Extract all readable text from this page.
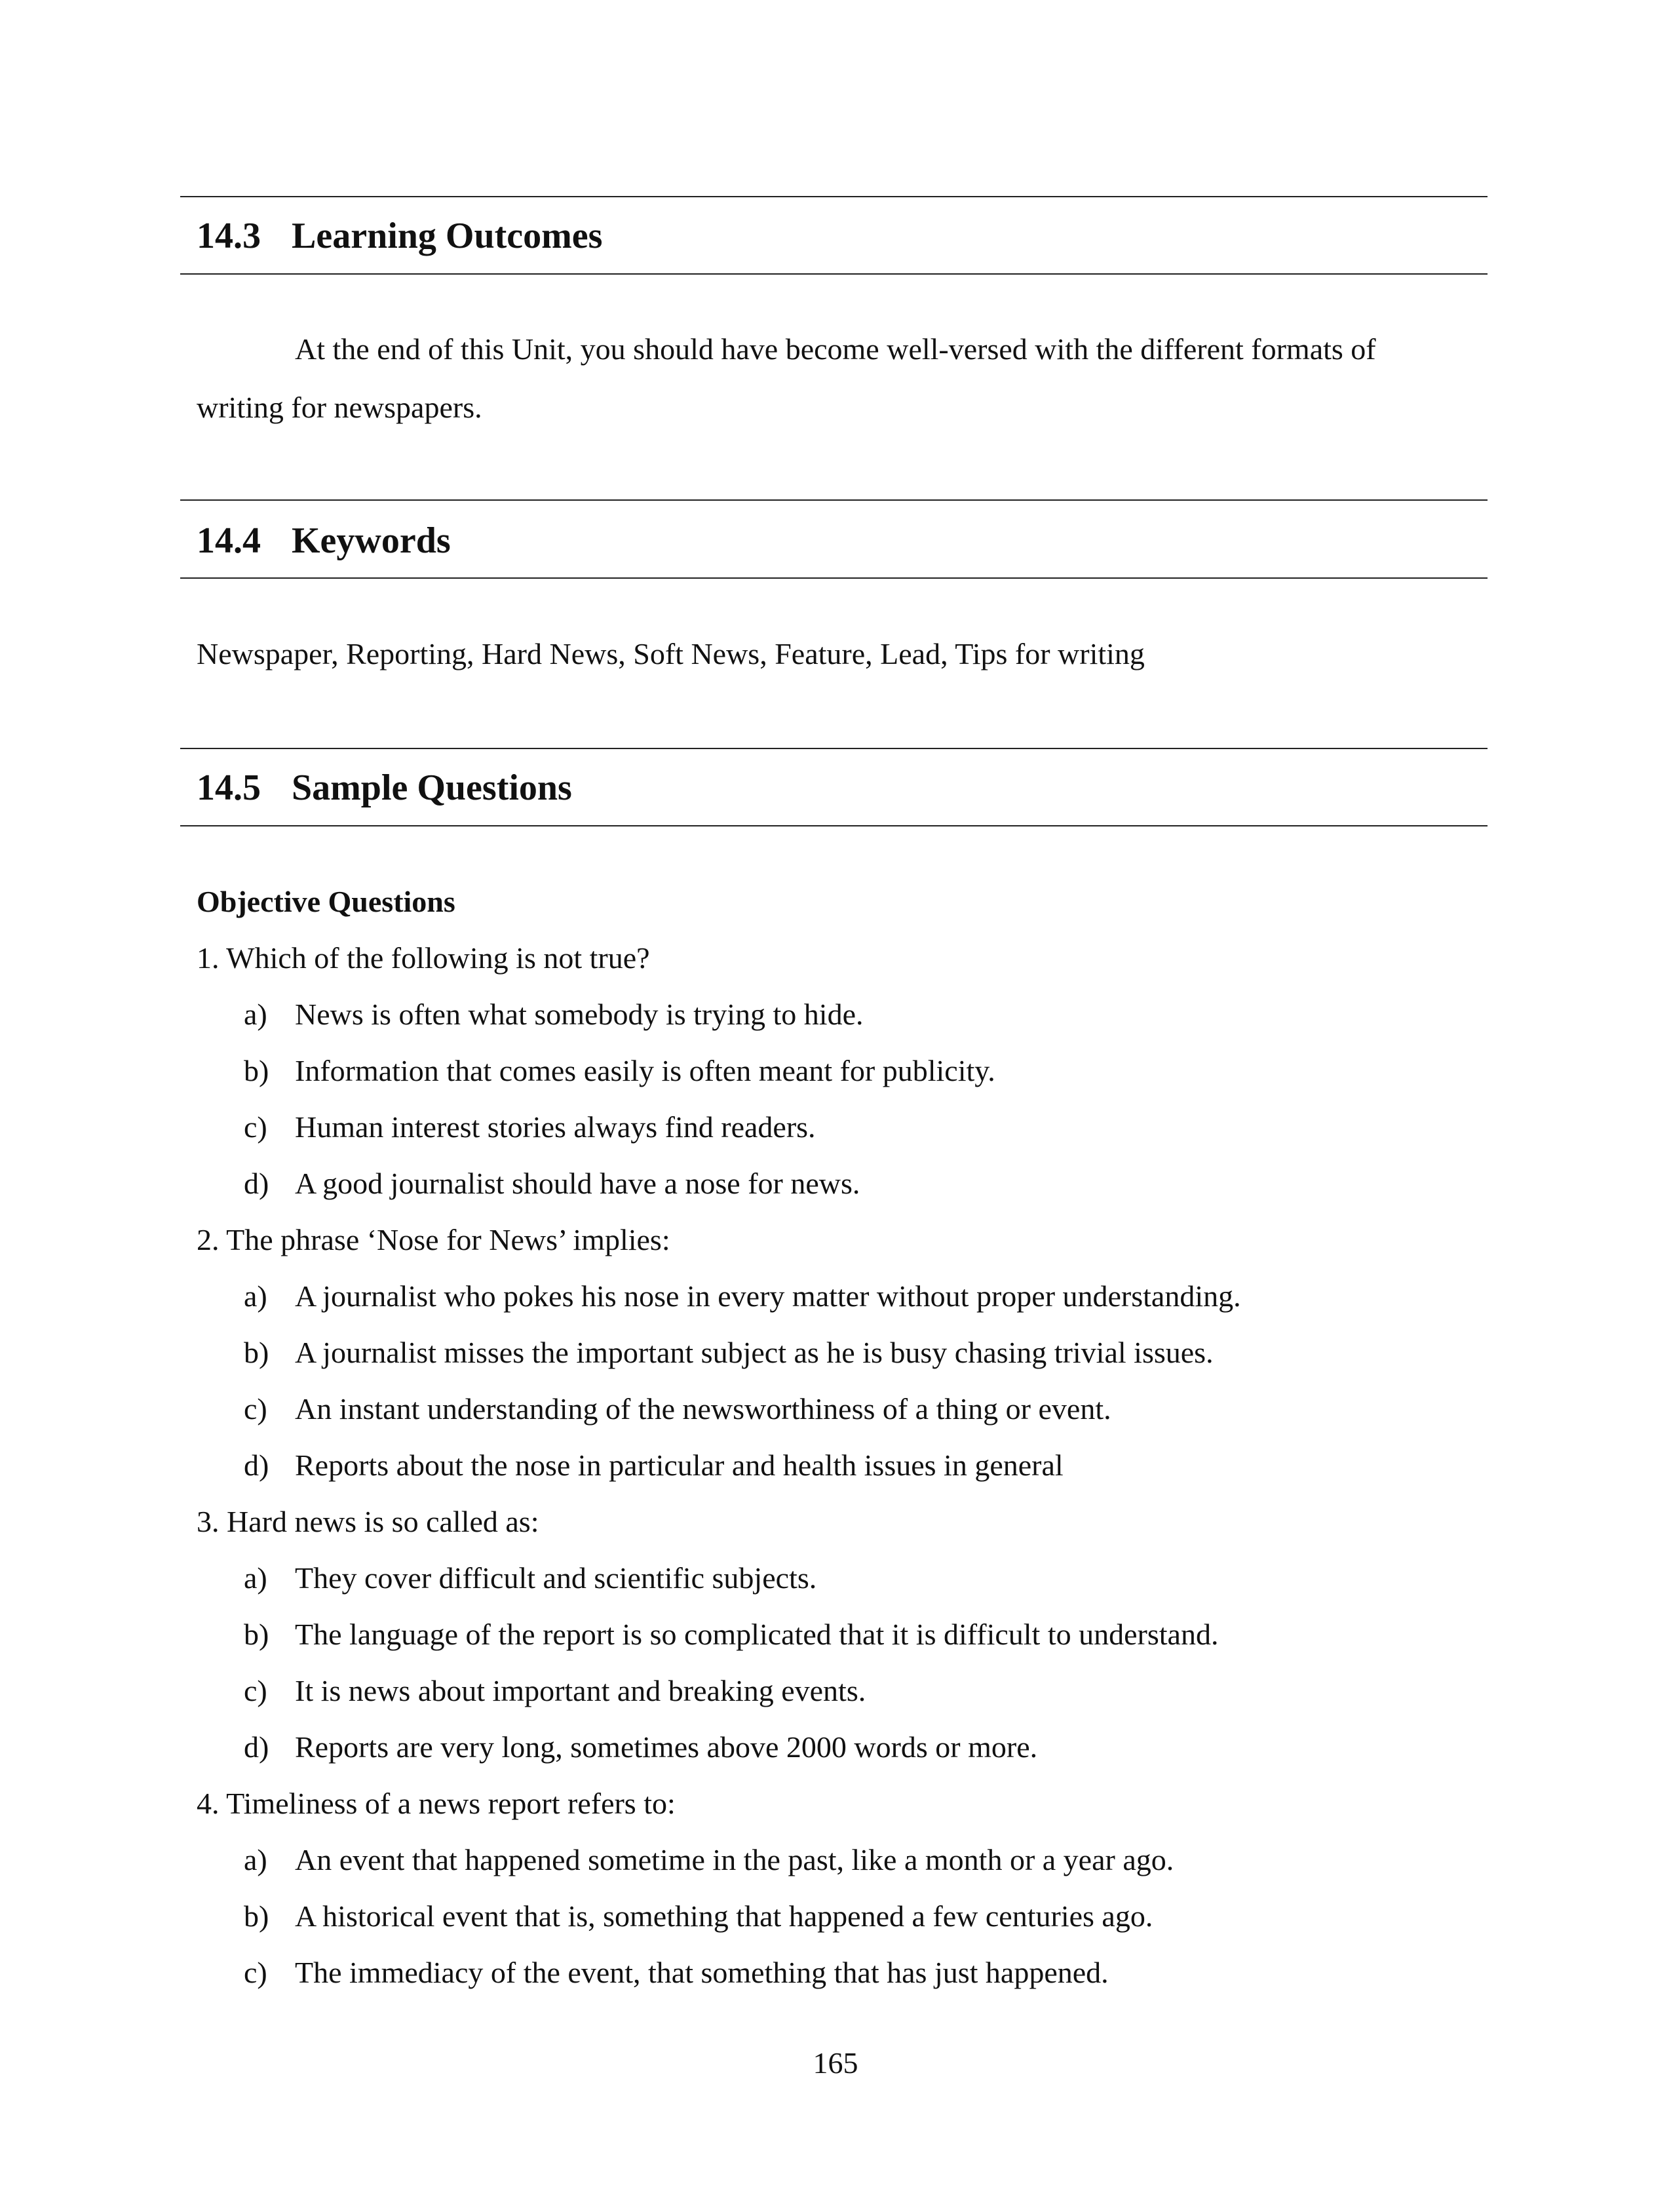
14.3 Learning Outcomes
At the end of this Unit, you should have become well-versed with the different formats of
writing for newspapers.
14.4 Keywords
Newspaper, Reporting, Hard News, Soft News, Feature, Lead, Tips for writing
14.5 Sample Questions
Objective Questions
1. Which of the following is not true?
a) News is often what somebody is trying to hide.
b) Information that comes easily is often meant for publicity.
c) Human interest stories always find readers.
d) A good journalist should have a nose for news.
2. The phrase ‘Nose for News’ implies:
a) A journalist who pokes his nose in every matter without proper understanding.
b) A journalist misses the important subject as he is busy chasing trivial issues.
c) An instant understanding of the newsworthiness of a thing or event.
d) Reports about the nose in particular and health issues in general
3. Hard news is so called as:
a) They cover difficult and scientific subjects.
b) The language of the report is so complicated that it is difficult to understand.
c) It is news about important and breaking events.
d) Reports are very long, sometimes above 2000 words or more.
4. Timeliness of a news report refers to:
a) An event that happened sometime in the past, like a month or a year ago.
b) A historical event that is, something that happened a few centuries ago.
c) The immediacy of the event, that something that has just happened.
165
